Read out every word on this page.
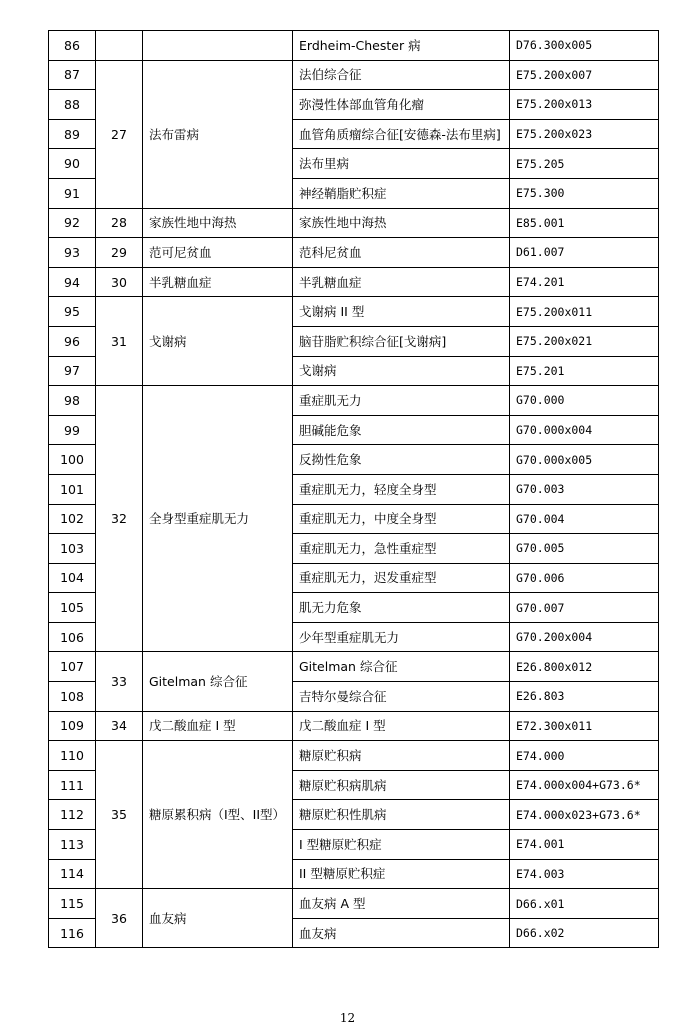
86			Erdheim-Chester 病	D76.300x005
87	27	法布雷病	法伯综合征	E75.200x007
88			弥漫性体部血管角化瘤	E75.200x013
89			血管角质瘤综合征[安德森-法布里病]	E75.200x023
90			法布里病	E75.205
91			神经鞘脂贮积症	E75.300
92	28	家族性地中海热	家族性地中海热	E85.001
93	29	范可尼贫血	范科尼贫血	D61.007
94	30	半乳糖血症	半乳糖血症	E74.201
95	31	戈谢病	戈谢病 II 型	E75.200x011
96			脑苷脂贮积综合征[戈谢病]	E75.200x021
97			戈谢病	E75.201
98	32	全身型重症肌无力	重症肌无力	G70.000
99			胆碱能危象	G70.000x004
100			反拗性危象	G70.000x005
101			重症肌无力，轻度全身型	G70.003
102			重症肌无力，中度全身型	G70.004
103			重症肌无力，急性重症型	G70.005
104			重症肌无力，迟发重症型	G70.006
105			肌无力危象	G70.007
106			少年型重症肌无力	G70.200x004
107	33	Gitelman 综合征	Gitelman 综合征	E26.800x012
108			吉特尔曼综合征	E26.803
109	34	戊二酸血症 I 型	戊二酸血症 I 型	E72.300x011
110	35	糖原累积病（I型、II型）	糖原贮积病	E74.000
111			糖原贮积病肌病	E74.000x004+G73.6*
112			糖原贮积性肌病	E74.000x023+G73.6*
113			I 型糖原贮积症	E74.001
114			II 型糖原贮积症	E74.003
115	36	血友病	血友病 A 型	D66.x01
116			血友病	D66.x02
12
